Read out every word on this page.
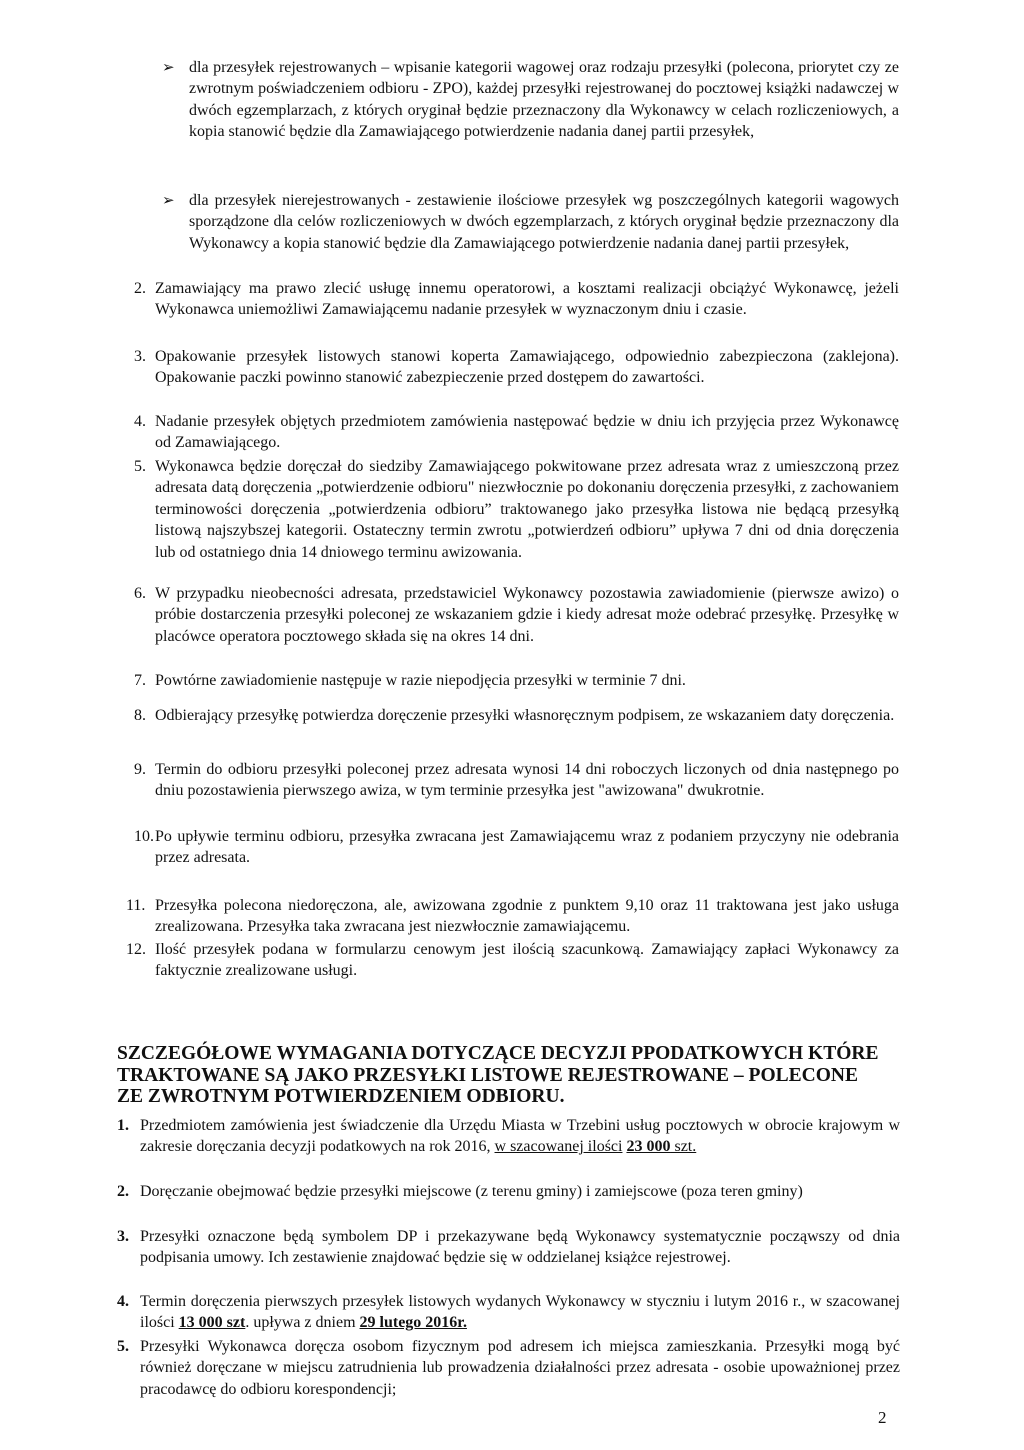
➢ dla przesyłek rejestrowanych – wpisanie kategorii wagowej oraz rodzaju przesyłki (polecona, priorytet czy ze zwrotnym poświadczeniem odbioru - ZPO), każdej przesyłki rejestrowanej do pocztowej książki nadawczej w dwóch egzemplarzach, z których oryginał będzie przeznaczony dla Wykonawcy w celach rozliczeniowych, a kopia stanowić będzie dla Zamawiającego potwierdzenie nadania danej partii przesyłek,

➢ dla przesyłek nierejestrowanych - zestawienie ilościowe przesyłek wg poszczególnych kategorii wagowych sporządzone dla celów rozliczeniowych w dwóch egzemplarzach, z których oryginał będzie przeznaczony dla Wykonawcy a kopia stanowić będzie dla Zamawiającego potwierdzenie nadania danej partii przesyłek,

2. Zamawiający ma prawo zlecić usługę innemu operatorowi, a kosztami realizacji obciążyć Wykonawcę, jeżeli Wykonawca uniemożliwi Zamawiającemu nadanie przesyłek w wyznaczonym dniu i czasie.

3. Opakowanie przesyłek listowych stanowi koperta Zamawiającego, odpowiednio zabezpieczona (zaklejona). Opakowanie paczki powinno stanowić zabezpieczenie przed dostępem do zawartości.

4. Nadanie przesyłek objętych przedmiotem zamówienia następować będzie w dniu ich przyjęcia przez Wykonawcę od Zamawiającego.

5. Wykonawca będzie doręczał do siedziby Zamawiającego pokwitowane przez adresata wraz z umieszczoną przez adresata datą doręczenia „potwierdzenie odbioru" niezwłocznie po dokonaniu doręczenia przesyłki, z zachowaniem terminowości doręczenia „potwierdzenia odbioru” traktowanego jako przesyłka listowa nie będącą przesyłką listową najszybszej kategorii. Ostateczny termin zwrotu „potwierdzeń odbioru” upływa 7 dni od dnia doręczenia lub od ostatniego dnia 14 dniowego terminu awizowania.

6. W przypadku nieobecności adresata, przedstawiciel Wykonawcy pozostawia zawiadomienie (pierwsze awizo) o próbie dostarczenia przesyłki poleconej ze wskazaniem gdzie i kiedy adresat może odebrać przesyłkę. Przesyłkę w placówce operatora pocztowego składa się na okres 14 dni.

7. Powtórne zawiadomienie następuje w razie niepodjęcia przesyłki w terminie 7 dni.

8. Odbierający przesyłkę potwierdza doręczenie przesyłki własnoręcznym podpisem, ze wskazaniem daty doręczenia.

9. Termin do odbioru przesyłki poleconej przez adresata wynosi 14 dni roboczych liczonych od dnia następnego po dniu pozostawienia pierwszego awiza, w tym terminie przesyłka jest "awizowana" dwukrotnie.

10. Po upływie terminu odbioru, przesyłka zwracana jest Zamawiającemu wraz z podaniem przyczyny nie odebrania przez adresata.

11. Przesyłka polecona niedoręczona, ale, awizowana zgodnie z punktem 9,10 oraz 11 traktowana jest jako usługa zrealizowana. Przesyłka taka zwracana jest niezwłocznie zamawiającemu.

12. Ilość przesyłek podana w formularzu cenowym jest ilością szacunkową. Zamawiający zapłaci Wykonawcy za faktycznie zrealizowane usługi.

SZCZEGÓŁOWE WYMAGANIA DOTYCZĄCE DECYZJI PPODATKOWYCH KTÓRE TRAKTOWANE SĄ JAKO PRZESYŁKI LISTOWE REJESTROWANE – POLECONE ZE ZWROTNYM POTWIERDZENIEM ODBIORU.
1. Przedmiotem zamówienia jest świadczenie dla Urzędu Miasta w Trzebini usług pocztowych w obrocie krajowym w zakresie doręczania decyzji podatkowych na rok 2016, w szacowanej ilości 23 000 szt.

2. Doręczanie obejmować będzie przesyłki miejscowe (z terenu gminy) i zamiejscowe (poza teren gminy)

3. Przesyłki oznaczone będą symbolem DP i przekazywane będą Wykonawcy systematycznie począwszy od dnia podpisania umowy. Ich zestawienie znajdować będzie się w oddzielanej książce rejestrowej.

4. Termin doręczenia pierwszych przesyłek listowych wydanych Wykonawcy w styczniu i lutym 2016 r., w szacowanej ilości 13 000 szt. upływa z dniem 29 lutego 2016r.

5. Przesyłki Wykonawca doręcza osobom fizycznym pod adresem ich miejsca zamieszkania. Przesyłki mogą być również doręczane w miejscu zatrudnienia lub prowadzenia działalności przez adresata - osobie upoważnionej przez pracodawcę do odbioru korespondencji;

2
